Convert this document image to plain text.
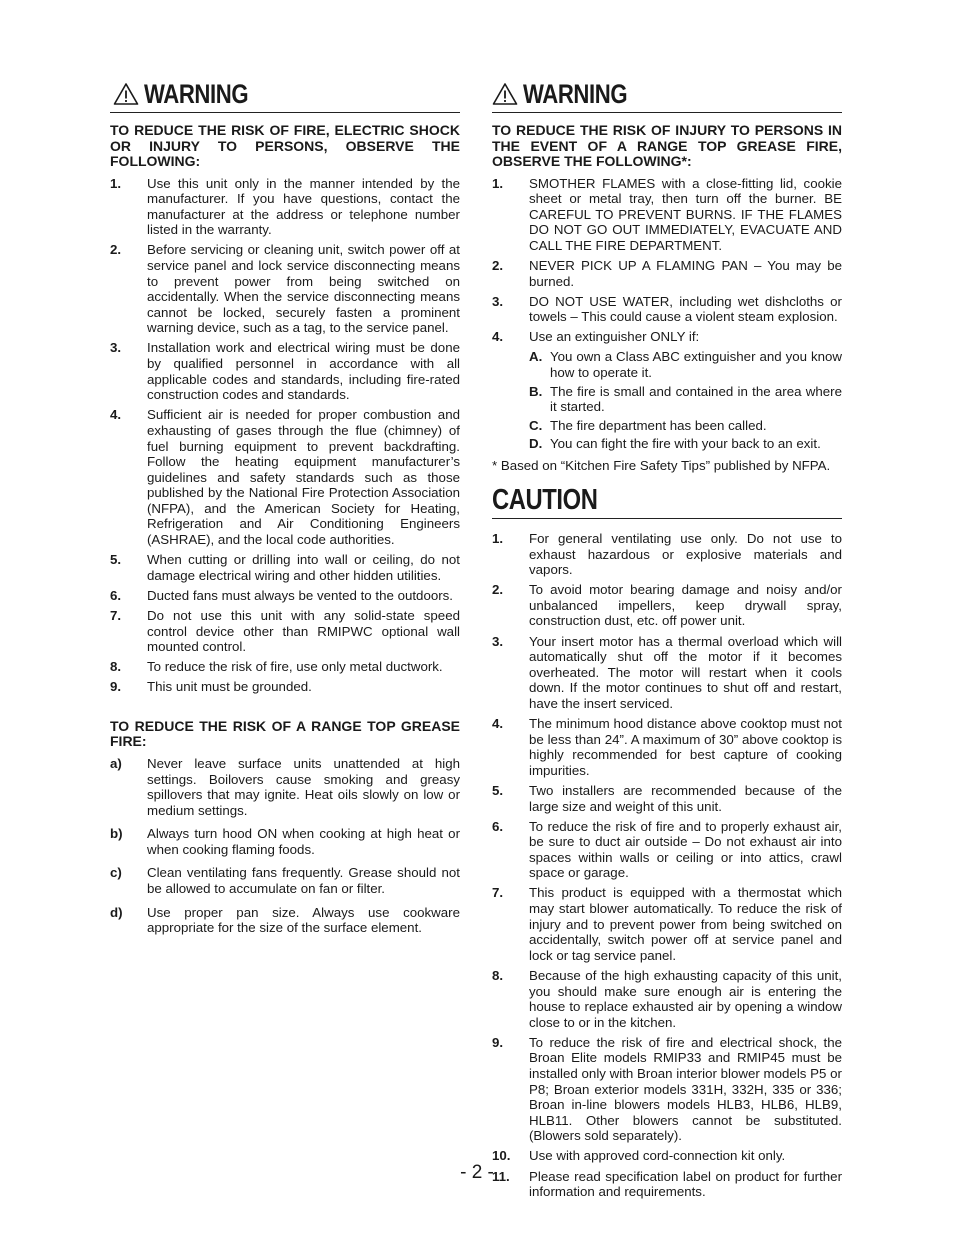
WARNING
TO REDUCE THE RISK OF FIRE, ELECTRIC SHOCK OR INJURY TO PERSONS, OBSERVE THE FOLLOWING:
1.	Use this unit only in the manner intended by the manufacturer. If you have questions, contact the manufacturer at the address or telephone number listed in the warranty.
2.	Before servicing or cleaning unit, switch power off at service panel and lock service disconnecting means to prevent power from being switched on accidentally. When the service disconnecting means cannot be locked, securely fasten a prominent warning device, such as a tag, to the service panel.
3.	Installation work and electrical wiring must be done by qualified personnel in accordance with all applicable codes and standards, including fire-rated construction codes and standards.
4.	Sufficient air is needed for proper combustion and exhausting of gases through the flue (chimney) of fuel burning equipment to prevent backdrafting. Follow the heating equipment manufacturer’s guidelines and safety standards such as those published by the National Fire Protection Association (NFPA), and the American Society for Heating, Refrigeration and Air Conditioning Engineers (ASHRAE), and the local code authorities.
5.	When cutting or drilling into wall or ceiling, do not damage electrical wiring and other hidden utilities.
6.	Ducted fans must always be vented to the outdoors.
7.	Do not use this unit with any solid-state speed control device other than RMIPWC optional wall mounted control.
8.	To reduce the risk of fire, use only metal ductwork.
9.	This unit must be grounded.
TO REDUCE THE RISK OF A RANGE TOP GREASE FIRE:
a)	Never leave surface units unattended at high settings. Boilovers cause smoking and greasy spillovers that may ignite. Heat oils slowly on low or medium settings.
b)	Always turn hood ON when cooking at high heat or when cooking flaming foods.
c)	Clean ventilating fans frequently. Grease should not be allowed to accumulate on fan or filter.
d)	Use proper pan size. Always use cookware appropriate for the size of the surface element.
WARNING
TO REDUCE THE RISK OF INJURY TO PERSONS IN THE EVENT OF A RANGE TOP GREASE FIRE, OBSERVE THE FOLLOWING*:
1.	SMOTHER FLAMES with a close-fitting lid, cookie sheet or metal tray, then turn off the burner. BE CAREFUL TO PREVENT BURNS. IF THE FLAMES DO NOT GO OUT IMMEDIATELY, EVACUATE AND CALL THE FIRE DEPARTMENT.
2.	NEVER PICK UP A FLAMING PAN – You may be burned.
3.	DO NOT USE WATER, including wet dishcloths or towels – This could cause a violent steam explosion.
4.	Use an extinguisher ONLY if:
A. You own a Class ABC extinguisher and you know how to operate it.
B. The fire is small and contained in the area where it started.
C. The fire department has been called.
D. You can fight the fire with your back to an exit.
* Based on “Kitchen Fire Safety Tips” published by NFPA.
CAUTION
1.	For general ventilating use only. Do not use to exhaust hazardous or explosive materials and vapors.
2.	To avoid motor bearing damage and noisy and/or unbalanced impellers, keep drywall spray, construction dust, etc. off power unit.
3.	Your insert motor has a thermal overload which will automatically shut off the motor if it becomes overheated. The motor will restart when it cools down. If the motor continues to shut off and restart, have the insert serviced.
4.	The minimum hood distance above cooktop must not be less than 24”. A maximum of 30” above cooktop is highly recommended for best capture of cooking impurities.
5.	Two installers are recommended because of the large size and weight of this unit.
6.	To reduce the risk of fire and to properly exhaust air, be sure to duct air outside – Do not exhaust air into spaces within walls or ceiling or into attics, crawl space or garage.
7.	This product is equipped with a thermostat which may start blower automatically. To reduce the risk of injury and to prevent power from being switched on accidentally, switch power off at service panel and lock or tag service panel.
8.	Because of the high exhausting capacity of this unit, you should make sure enough air is entering the house to replace exhausted air by opening a window close to or in the kitchen.
9.	To reduce the risk of fire and electrical shock, the Broan Elite models RMIP33 and RMIP45 must be installed only with Broan interior blower models P5 or P8; Broan exterior models 331H, 332H, 335 or 336; Broan in-line blowers models HLB3, HLB6, HLB9, HLB11. Other blowers cannot be substituted. (Blowers sold separately).
10.	Use with approved cord-connection kit only.
11.	Please read specification label on product for further information and requirements.
- 2 -
